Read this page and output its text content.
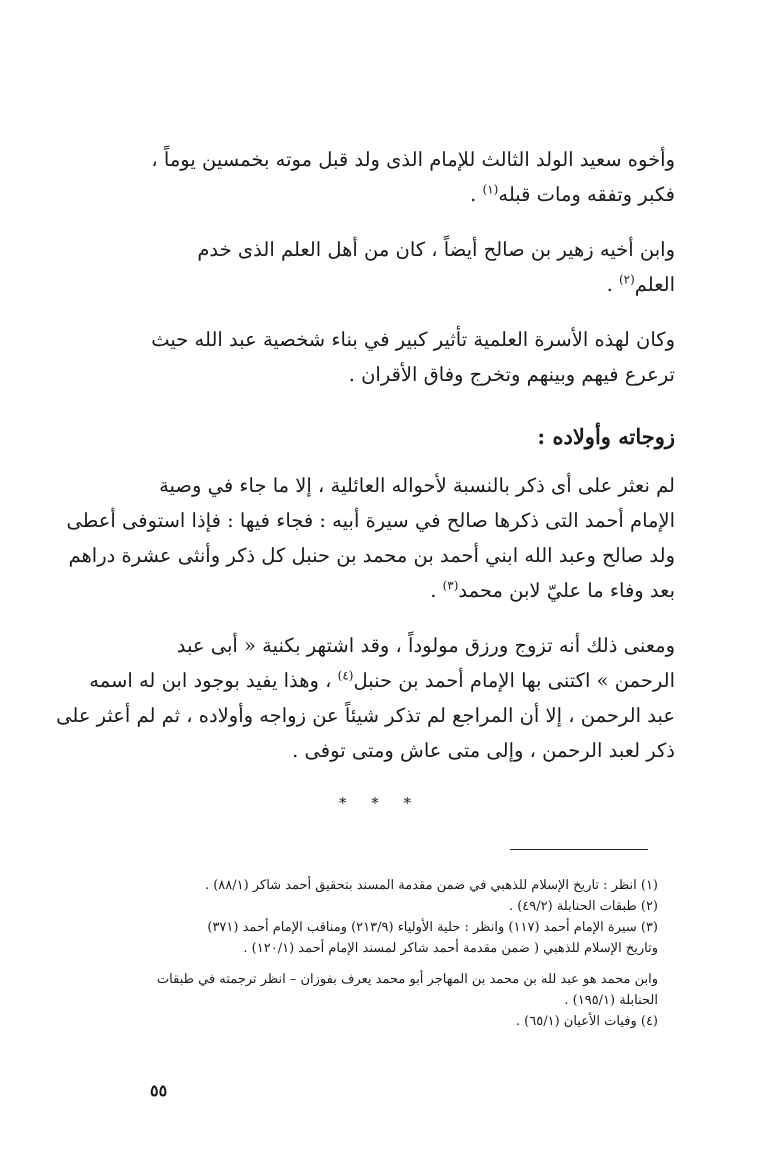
وأخوه سعيد الولد الثالث للإمام الذى ولد قبل موته بخمسين يوماً ،
فكبر وتفقه ومات قبله$^{(١)}$ .

وابن أخيه زهير بن صالح أيضاً ، كان من أهل العلم الذى خدم
العلم$^{(٢)}$ .

وكان لهذه الأسرة العلمية تأثير كبير في بناء شخصية عبد الله حيث
ترعرع فيهم وبينهم وتخرج وفاق الأقران .

زوجاته وأولاده :

لم نعثر على أى ذكر بالنسبة لأحواله العائلية ، إلا ما جاء في وصية
الإمام أحمد التى ذكرها صالح في سيرة أبيه : فجاء فيها : فإذا استوفى أعطى
ولد صالح وعبد الله ابني أحمد بن محمد بن حنبل كل ذكر وأنثى عشرة دراهم
بعد وفاء ما عليّ لابن محمد$^{(٣)}$ .

ومعنى ذلك أنه تزوج ورزق مولوداً ، وقد اشتهر بكنية « أبى عبد
الرحمن » اكتنى بها الإمام أحمد بن حنبل$^{(٤)}$ ، وهذا يفيد بوجود ابن له اسمه
عبد الرحمن ، إلا أن المراجع لم تذكر شيئاً عن زواجه وأولاده ، ثم لم أعثر على
ذكر لعبد الرحمن ، وإلى متى عاش ومتى توفى .

* * *
(١) انظر : تاريخ الإسلام للذهبي في ضمن مقدمة المسند بتحقيق أحمد شاكر (٨٨/١) .
(٢) طبقات الحنابلة (٤٩/٢) .
(٣) سيرة الإمام أحمد (١١٧) وانظر : حلية الأولياء (٢١٣/٩) ومناقب الإمام أحمد (٣٧١)
وتاريخ الإسلام للذهبي ( ضمن مقدمة أحمد شاكر لمسند الإمام أحمد (١٢٠/١) .
وابن محمد هو عبد لله بن محمد بن المهاجر أبو محمد يعرف بفوزان – انظر ترجمته في طبقات
الحنابلة (١٩٥/١) .
(٤) وفيات الأعيان (٦٥/١) .
٥٥
